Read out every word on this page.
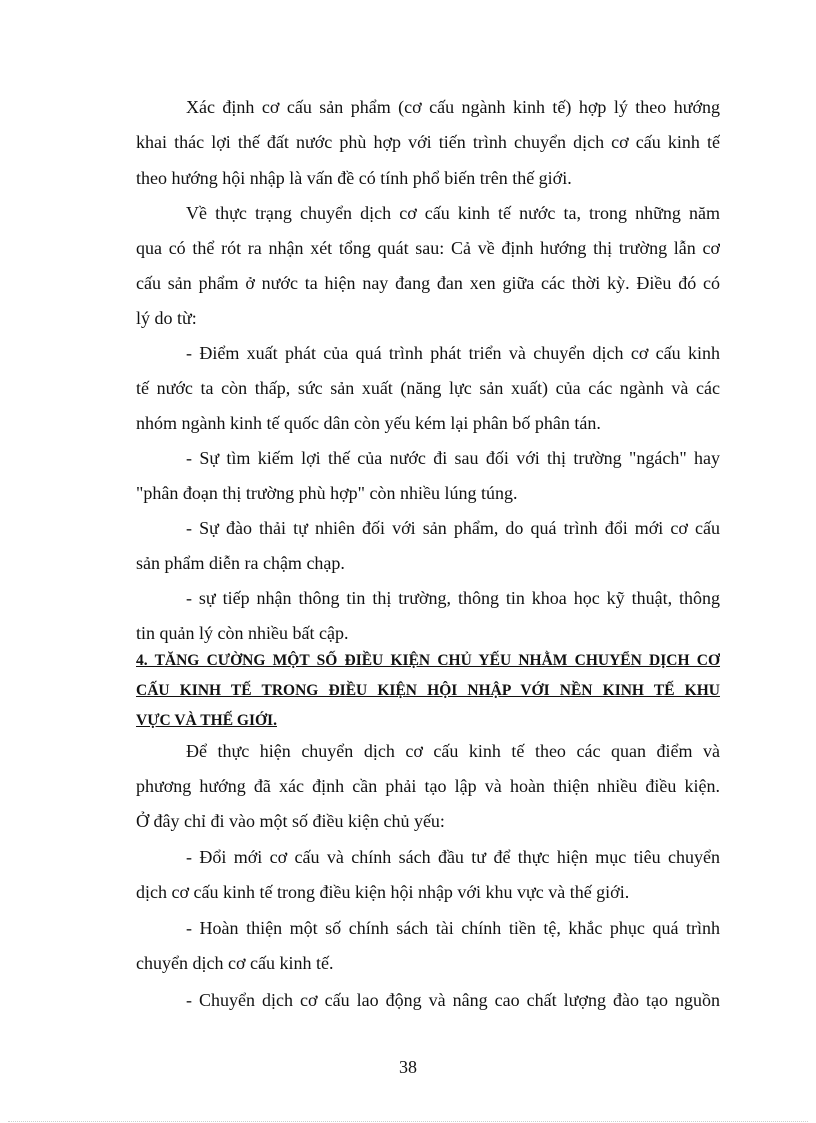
Xác định cơ cấu sản phẩm (cơ cấu ngành kinh tế) hợp lý theo hướng
khai thác lợi thế đất nước phù hợp với tiến trình chuyển dịch cơ cấu kinh tế
theo hướng hội nhập là vấn đề có tính phổ biến trên thế giới.
Về thực trạng chuyển dịch cơ cấu kinh tế nước ta, trong những năm
qua có thể rót ra nhận xét tổng quát sau: Cả về định hướng thị trường lẫn cơ
cấu sản phẩm ở nước ta hiện nay đang đan xen giữa các thời kỳ. Điều đó có
lý do từ:
- Điểm xuất phát của quá trình phát triển và chuyển dịch cơ cấu kinh
tế nước ta còn thấp, sức sản xuất (năng lực sản xuất) của các ngành và các
nhóm ngành kinh tế quốc dân còn yếu kém lại phân bố phân tán.
- Sự tìm kiếm lợi thế của nước đi sau đối với thị trường "ngách" hay
"phân đoạn thị trường phù hợp" còn nhiều lúng túng.
- Sự đào thải tự nhiên đối với sản phẩm, do quá trình đổi mới cơ cấu
sản phẩm diễn ra chậm chạp.
- sự tiếp nhận thông tin thị trường, thông tin khoa học kỹ thuật, thông
tin quản lý còn nhiều bất cập.
4. TĂNG CƯỜNG MỘT SỐ ĐIỀU KIỆN CHỦ YẾU NHẰM CHUYỂN DỊCH CƠ
CẤU KINH TẾ TRONG ĐIỀU KIỆN HỘI NHẬP VỚI NỀN KINH TẾ KHU
VỰC VÀ THẾ GIỚI.
Để thực hiện chuyển dịch cơ cấu kinh tế theo các quan điểm và
phương hướng đã xác định cần phải tạo lập và hoàn thiện nhiều điều kiện.
Ở đây chỉ đi vào một số điều kiện chủ yếu:
- Đổi mới cơ cấu và chính sách đầu tư để thực hiện mục tiêu chuyển
dịch cơ cấu kinh tế trong điều kiện hội nhập với khu vực và thế giới.
- Hoàn thiện một số chính sách tài chính tiền tệ, khắc phục quá trình
chuyển dịch cơ cấu kinh tế.
- Chuyển dịch cơ cấu lao động và nâng cao chất lượng đào tạo nguồn
38
